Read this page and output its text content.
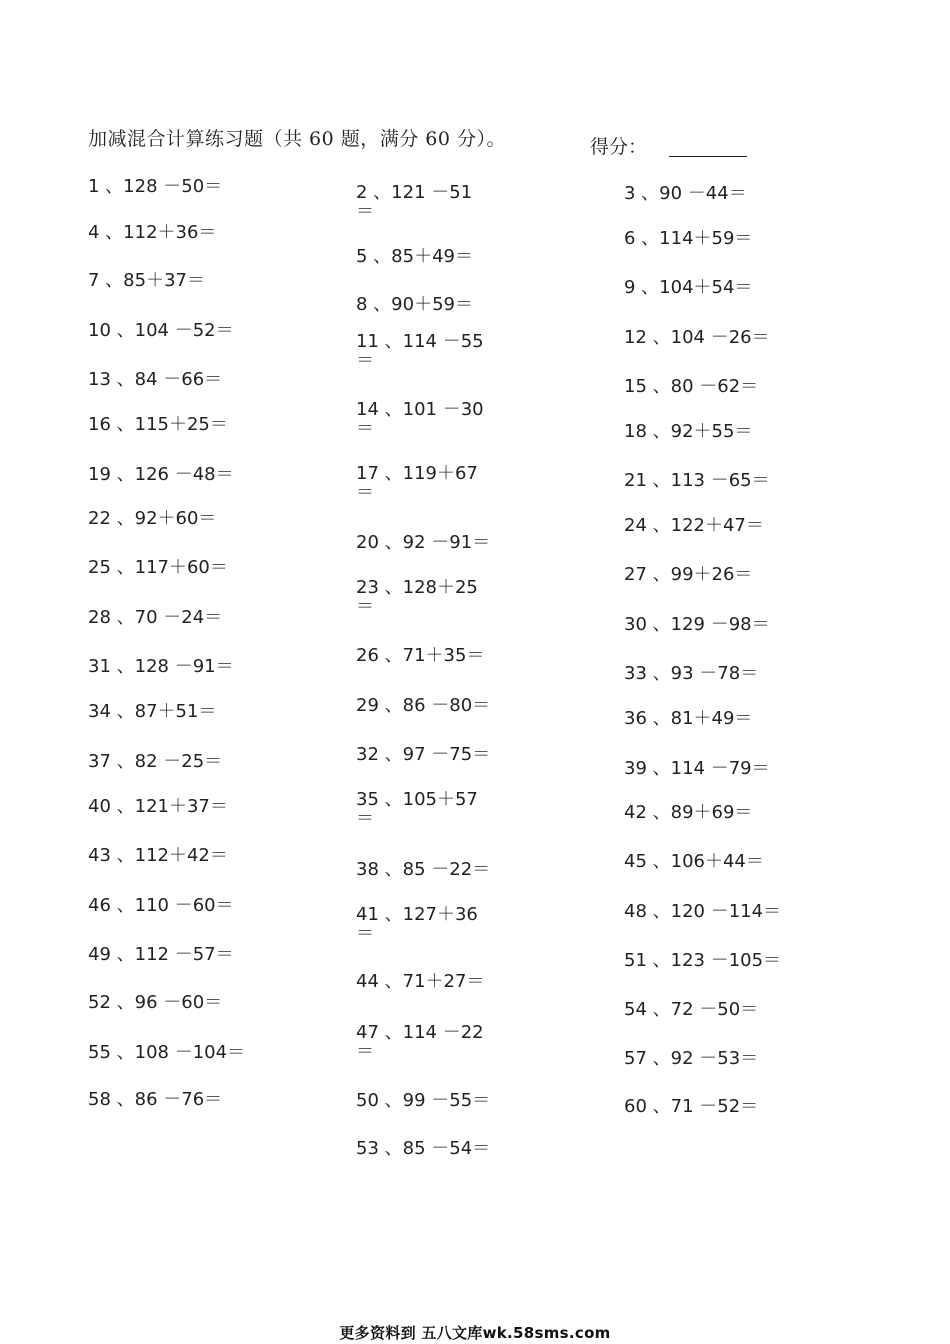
加减混合计算练习题（共 60 题，满分 60 分）。	得分：
1 、128 －50＝
4 、112＋36＝
7 、85＋37＝
10 、104 －52＝
13 、84 －66＝
16 、115＋25＝
19 、126 －48＝
22 、92＋60＝
25 、117＋60＝
28 、70 －24＝
31 、128 －91＝
34 、87＋51＝
37 、82 －25＝
40 、121＋37＝
43 、112＋42＝
46 、110 －60＝
49 、112 －57＝
52 、96 －60＝
55 、108 －104＝
58 、86 －76＝
2 、121 －51
＝
5 、85＋49＝
8 、90＋59＝
11 、114 －55
＝
14 、101 －30
＝
17 、119＋67
＝
20 、92 －91＝
23 、128＋25
＝
26 、71＋35＝
29 、86 －80＝
32 、97 －75＝
35 、105＋57
＝
38 、85 －22＝
41 、127＋36
＝
44 、71＋27＝
47 、114 －22
＝
50 、99 －55＝
53 、85 －54＝
3 、90 －44＝
6 、114＋59＝
9 、104＋54＝
12 、104 －26＝
15 、80 －62＝
18 、92＋55＝
21 、113 －65＝
24 、122＋47＝
27 、99＋26＝
30 、129 －98＝
33 、93 －78＝
36 、81＋49＝
39 、114 －79＝
42 、89＋69＝
45 、106＋44＝
48 、120 －114＝
51 、123 －105＝
54 、72 －50＝
57 、92 －53＝
60 、71 －52＝
更多资料到 五八文库wk.58sms.com
